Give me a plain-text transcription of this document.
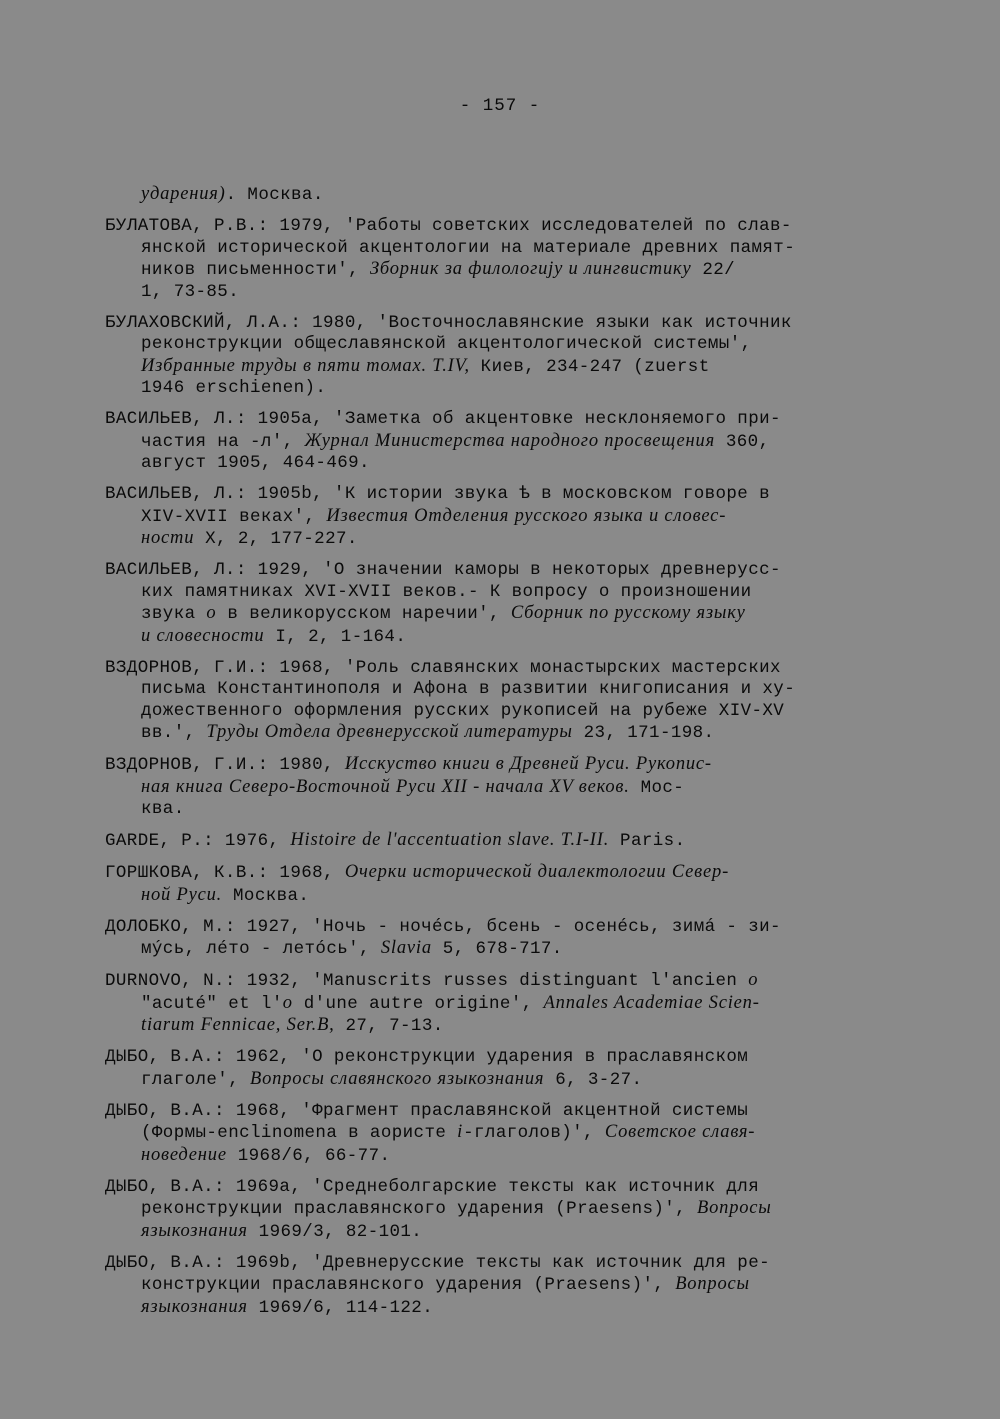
- 157 -
ударения). Москва.
БУЛАТОВА, Р.В.: 1979, 'Работы советских исследователей по слав-
янской исторической акцентологии на материале древних памят-
ников письменности', Зборник за филологиjу и лингвистику 22/
1, 73-85.
БУЛАХОВСКИЙ, Л.А.: 1980, 'Восточнославянские языки как источник
реконструкции общеславянской акцентологической системы',
Избранные труды в пяти томах. Т.IV, Киев, 234-247 (zuerst
1946 erschienen).
ВАСИЛЬЕВ, Л.: 1905а, 'Заметка об акцентовке несклоняемого при-
частия на -л', Журнал Министерства народного просвещения 360,
август 1905, 464-469.
ВАСИЛЬЕВ, Л.: 1905b, 'К истории звука ѣ в московском говоре в
XIV-XVII веках', Известия Отделения русского языка и словес-
ности X, 2, 177-227.
ВАСИЛЬЕВ, Л.: 1929, 'О значении каморы в некоторых древнерусс-
ких памятниках XVI-XVII веков.- К вопросу о произношении
звука о в великорусском наречии', Сборник по русскому языку
и словесности I, 2, 1-164.
ВЗДОРНОВ, Г.И.: 1968, 'Роль славянских монастырских мастерских
письма Константинополя и Афона в развитии книгописания и ху-
дожественного оформления русских рукописей на рубеже XIV-XV
вв.', Труды Отдела древнерусской литературы 23, 171-198.
ВЗДОРНОВ, Г.И.: 1980, Исскуство книги в Древней Руси. Рукопис-
ная книга Северо-Восточной Руси XII - начала XV веков. Мос-
ква.
GARDE, P.: 1976, Histoire de l'accentuation slave. T.I-II. Paris.
ГОРШКОВА, К.В.: 1968, Очерки исторической диалектологии Север-
ной Руси. Москва.
ДОЛОБКО, М.: 1927, 'Ночь - ночéсь, бсень - осенéсь, зимá - зи-
мýсь, лéто - летóсь', Slavia 5, 678-717.
DURNOVO, N.: 1932, 'Manuscrits russes distinguant l'ancien o
"acuté" et l'o d'une autre origine', Annales Academiae Scien-
tiarum Fennicae, Ser.B, 27, 7-13.
ДЫБО, В.А.: 1962, 'О реконструкции ударения в праславянском
глаголе', Вопросы славянского языкознания 6, 3-27.
ДЫБО, В.А.: 1968, 'Фрагмент праславянской акцентной системы
(Формы-enclinomena в аористе i-глаголов)', Советское славя-
новедение 1968/6, 66-77.
ДЫБО, В.А.: 1969а, 'Среднеболгарские тексты как источник для
реконструкции праславянского ударения (Praesens)', Вопросы
языкознания 1969/3, 82-101.
ДЫБО, В.А.: 1969b, 'Древнерусские тексты как источник для ре-
конструкции праславянского ударения (Praesens)', Вопросы
языкознания 1969/6, 114-122.
